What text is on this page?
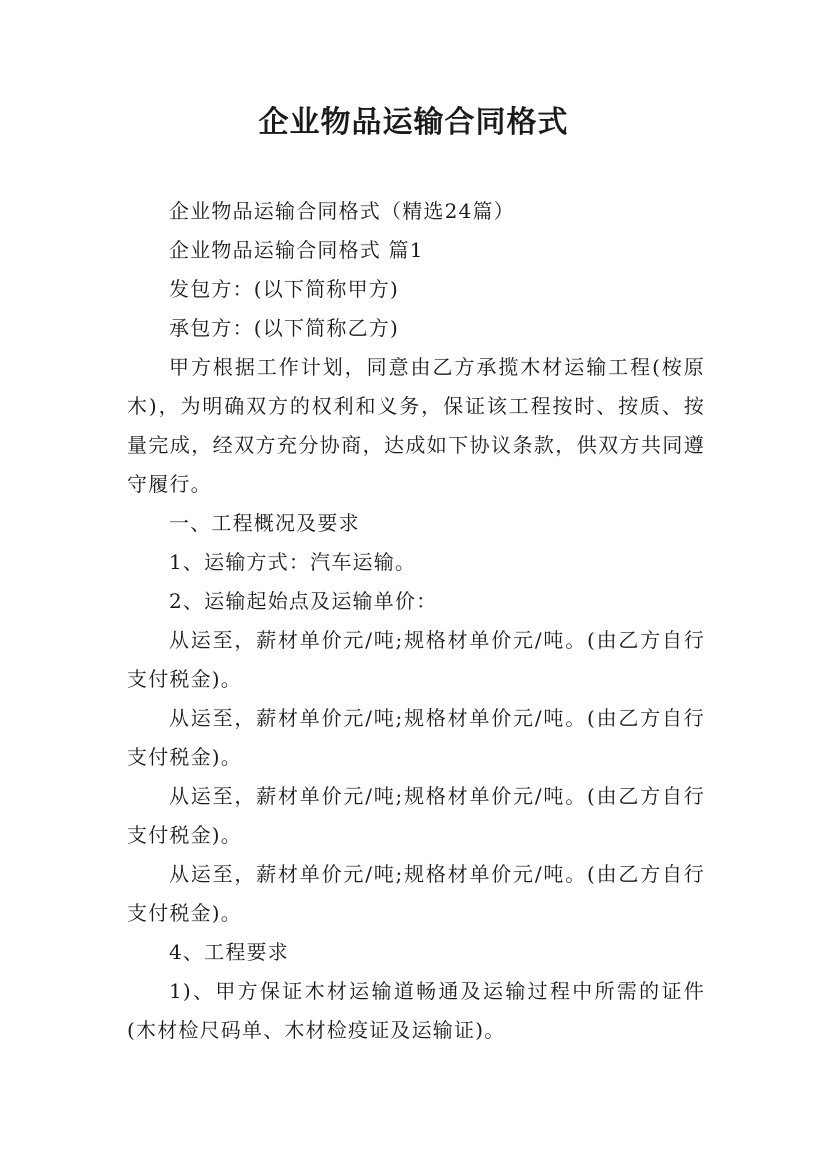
企业物品运输合同格式

企业物品运输合同格式（精选24篇）

企业物品运输合同格式 篇1

发包方：(以下简称甲方)

承包方：(以下简称乙方)

甲方根据工作计划，同意由乙方承揽木材运输工程(桉原木)，为明确双方的权利和义务，保证该工程按时、按质、按量完成，经双方充分协商，达成如下协议条款，供双方共同遵守履行。

一、工程概况及要求

1、运输方式：汽车运输。

2、运输起始点及运输单价：

从运至，薪材单价元/吨;规格材单价元/吨。(由乙方自行支付税金)。

从运至，薪材单价元/吨;规格材单价元/吨。(由乙方自行支付税金)。

从运至，薪材单价元/吨;规格材单价元/吨。(由乙方自行支付税金)。

从运至，薪材单价元/吨;规格材单价元/吨。(由乙方自行支付税金)。

4、工程要求

1)、甲方保证木材运输道畅通及运输过程中所需的证件(木材检尺码单、木材检疫证及运输证)。
